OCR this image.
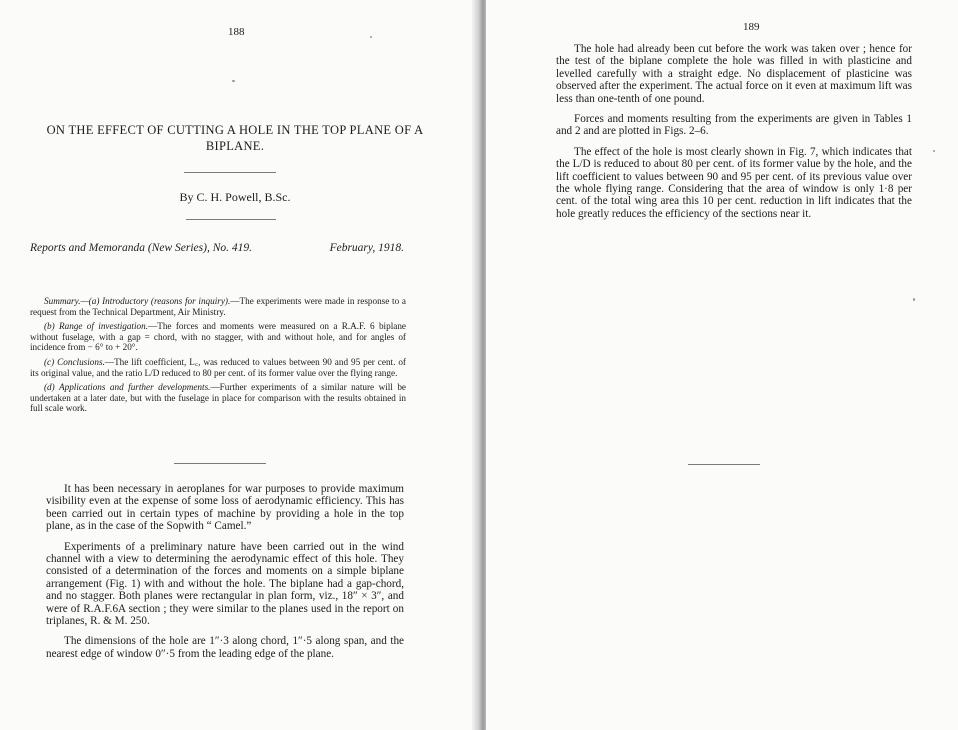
188
ON THE EFFECT OF CUTTING A HOLE IN THE TOP PLANE OF A BIPLANE.
By C. H. Powell, B.Sc.
Reports and Memoranda (New Series), No. 419.	February, 1918.

Summary.—(a) Introductory (reasons for inquiry).—The experiments were made in response to a request from the Technical Department, Air Ministry.

(b) Range of investigation.—The forces and moments were measured on a R.A.F. 6 biplane without fuselage, with a gap = chord, with no stagger, with and without hole, and for angles of incidence from − 6° to + 20°.

(c) Conclusions.—The lift coefficient, L꜀, was reduced to values between 90 and 95 per cent. of its original value, and the ratio L/D reduced to 80 per cent. of its former value over the flying range.

(d) Applications and further developments.—Further experiments of a similar nature will be undertaken at a later date, but with the fuselage in place for comparison with the results obtained in full scale work.

It has been necessary in aeroplanes for war purposes to provide maximum visibility even at the expense of some loss of aerodynamic efficiency. This has been carried out in certain types of machine by providing a hole in the top plane, as in the case of the Sopwith “ Camel.”

Experiments of a preliminary nature have been carried out in the wind channel with a view to determining the aerodynamic effect of this hole. They consisted of a determination of the forces and moments on a simple biplane arrangement (Fig. 1) with and without the hole. The biplane had a gap-chord, and no stagger. Both planes were rectangular in plan form, viz., 18″ × 3″, and were of R.A.F.6A section ; they were similar to the planes used in the report on triplanes, R. & M. 250.

The dimensions of the hole are 1″·3 along chord, 1″·5 along span, and the nearest edge of window 0″·5 from the leading edge of the plane.

189

The hole had already been cut before the work was taken over ; hence for the test of the biplane complete the hole was filled in with plasticine and levelled carefully with a straight edge. No displacement of plasticine was observed after the experiment. The actual force on it even at maximum lift was less than one-tenth of one pound.

Forces and moments resulting from the experiments are given in Tables 1 and 2 and are plotted in Figs. 2–6.

The effect of the hole is most clearly shown in Fig. 7, which indicates that the L/D is reduced to about 80 per cent. of its former value by the hole, and the lift coefficient to values between 90 and 95 per cent. of its previous value over the whole flying range. Considering that the area of window is only 1·8 per cent. of the total wing area this 10 per cent. reduction in lift indicates that the hole greatly reduces the efficiency of the sections near it.
